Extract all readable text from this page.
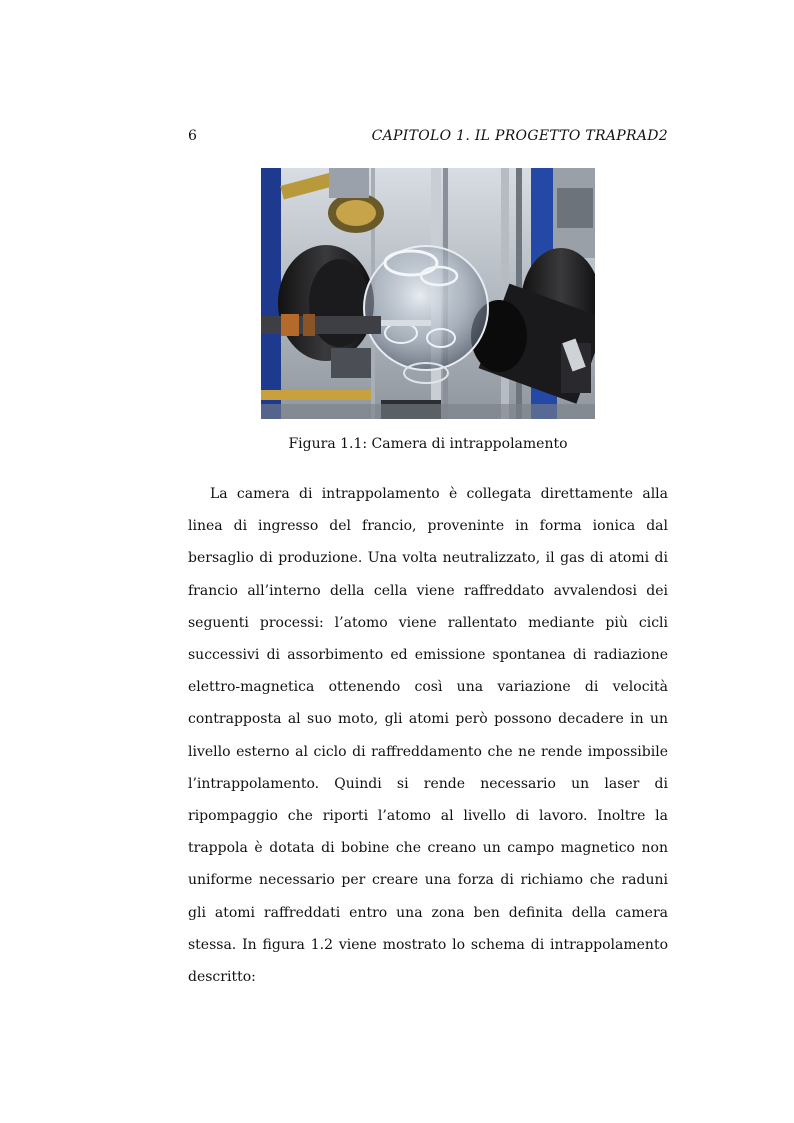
6	CAPITOLO 1. IL PROGETTO TRAPRAD2
Figura 1.1: Camera di intrappolamento

La camera di intrappolamento è collegata direttamente alla linea di ingresso del francio, proveninte in forma ionica dal bersaglio di produzione. Una volta neutralizzato, il gas di atomi di francio all’interno della cella viene raffreddato avvalendosi dei seguenti processi: l’atomo viene rallentato mediante più cicli successivi di assorbimento ed emissione spontanea di radiazione elettro-magnetica ottenendo così una variazione di velocità contrapposta al suo moto, gli atomi però possono decadere in un livello esterno al ciclo di raffreddamento che ne rende impossibile l’intrappolamento. Quindi si rende necessario un laser di ripompaggio che riporti l’atomo al livello di lavoro. Inoltre la trappola è dotata di bobine che creano un campo magnetico non uniforme necessario per creare una forza di richiamo che raduni gli atomi raffreddati entro una zona ben definita della camera stessa. In figura 1.2 viene mostrato lo schema di intrappolamento descritto:
